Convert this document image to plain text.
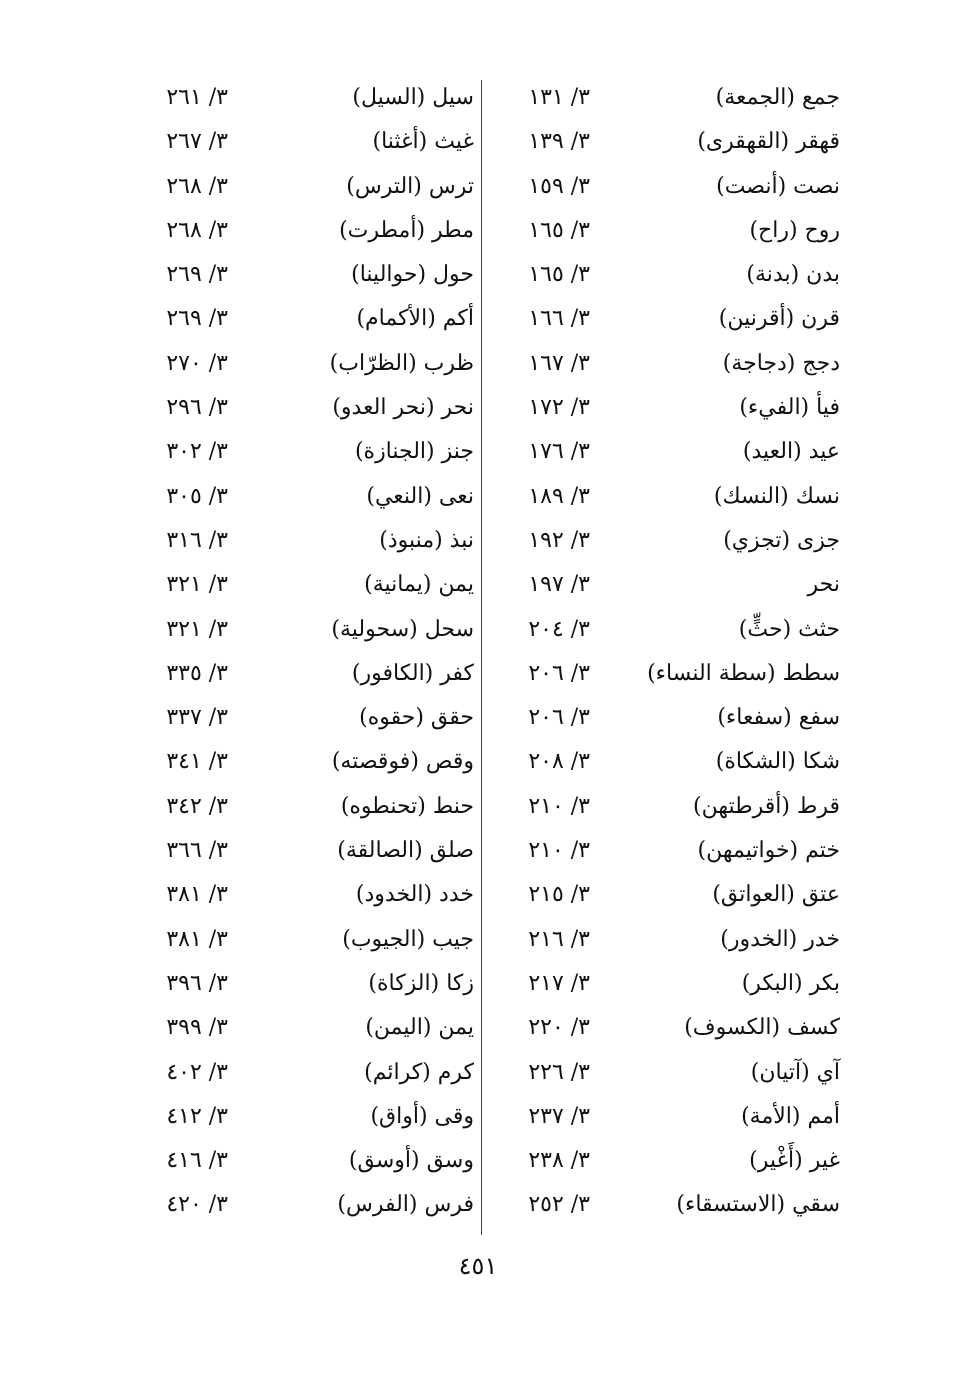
جمع (الجمعة)
٣/ ١٣١
سيل (السيل)
٣/ ٢٦١
قهقر (القهقرى)
٣/ ١٣٩
غيث (أغثنا)
٣/ ٢٦٧
نصت (أنصت)
٣/ ١٥٩
ترس (الترس)
٣/ ٢٦٨
روح (راح)
٣/ ١٦٥
مطر (أمطرت)
٣/ ٢٦٨
بدن (بدنة)
٣/ ١٦٥
حول (حوالينا)
٣/ ٢٦٩
قرن (أقرنين)
٣/ ١٦٦
أكم (الأكمام)
٣/ ٢٦٩
دجج (دجاجة)
٣/ ١٦٧
ظرب (الظرّاب)
٣/ ٢٧٠
فيأ (الفيء)
٣/ ١٧٢
نحر (نحر العدو)
٣/ ٢٩٦
عيد (العيد)
٣/ ١٧٦
جنز (الجنازة)
٣/ ٣٠٢
نسك (النسك)
٣/ ١٨٩
نعى (النعي)
٣/ ٣٠٥
جزى (تجزي)
٣/ ١٩٢
نبذ (منبوذ)
٣/ ٣١٦
نحر
٣/ ١٩٧
يمن (يمانية)
٣/ ٣٢١
حثث (حثٍّ)
٣/ ٢٠٤
سحل (سحولية)
٣/ ٣٢١
سطط (سطة النساء)
٣/ ٢٠٦
كفر (الكافور)
٣/ ٣٣٥
سفع (سفعاء)
٣/ ٢٠٦
حقق (حقوه)
٣/ ٣٣٧
شكا (الشكاة)
٣/ ٢٠٨
وقص (فوقصته)
٣/ ٣٤١
قرط (أقرطتهن)
٣/ ٢١٠
حنط (تحنطوه)
٣/ ٣٤٢
ختم (خواتيمهن)
٣/ ٢١٠
صلق (الصالقة)
٣/ ٣٦٦
عتق (العواتق)
٣/ ٢١٥
خدد (الخدود)
٣/ ٣٨١
خدر (الخدور)
٣/ ٢١٦
جيب (الجيوب)
٣/ ٣٨١
بكر (البكر)
٣/ ٢١٧
زكا (الزكاة)
٣/ ٣٩٦
كسف (الكسوف)
٣/ ٢٢٠
يمن (اليمن)
٣/ ٣٩٩
آي (آتيان)
٣/ ٢٢٦
كرم (كرائم)
٣/ ٤٠٢
أمم (الأمة)
٣/ ٢٣٧
وقى (أواق)
٣/ ٤١٢
غير (أَغْير)
٣/ ٢٣٨
وسق (أوسق)
٣/ ٤١٦
سقي (الاستسقاء)
٣/ ٢٥٢
فرس (الفرس)
٣/ ٤٢٠
٤٥١
